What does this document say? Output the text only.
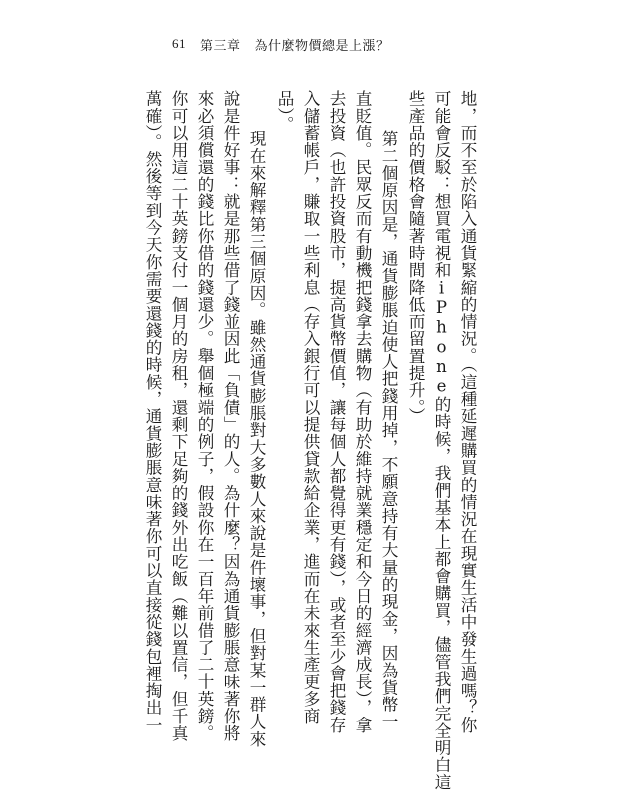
61 第三章 為什麼物價總是上漲？
地，而不至於陷入通貨緊縮的情況。（這種延遲購買的情況在現實生活中發生過嗎？你
可能會反駁：想買電視和iPhone的時候，我們基本上都會購買，儘管我們完全明白這
些產品的價格會隨著時間降低而留置提升。）
第二個原因是，通貨膨脹迫使人把錢用掉，不願意持有大量的現金，因為貨幣一
直貶值。民眾反而有動機把錢拿去購物（有助於維持就業穩定和今日的經濟成長），拿
去投資（也許投資股市，提高貨幣價值，讓每個人都覺得更有錢），或者至少會把錢存
入儲蓄帳戶，賺取一些利息（存入銀行可以提供貸款給企業，進而在未來生產更多商
品）。
現在來解釋第三個原因。雖然通貨膨脹對大多數人來說是件壞事，但對某一群人來
說是件好事：就是那些借了錢並因此「負債」的人。為什麼？因為通貨膨脹意味著你將
來必須償還的錢比你借的錢還少。舉個極端的例子，假設你在一百年前借了二十英鎊。
你可以用這二十英鎊支付一個月的房租，還剩下足夠的錢外出吃飯（難以置信，但千真
萬確）。然後等到今天你需要還錢的時候，通貨膨脹意味著你可以直接從錢包裡掏出一
